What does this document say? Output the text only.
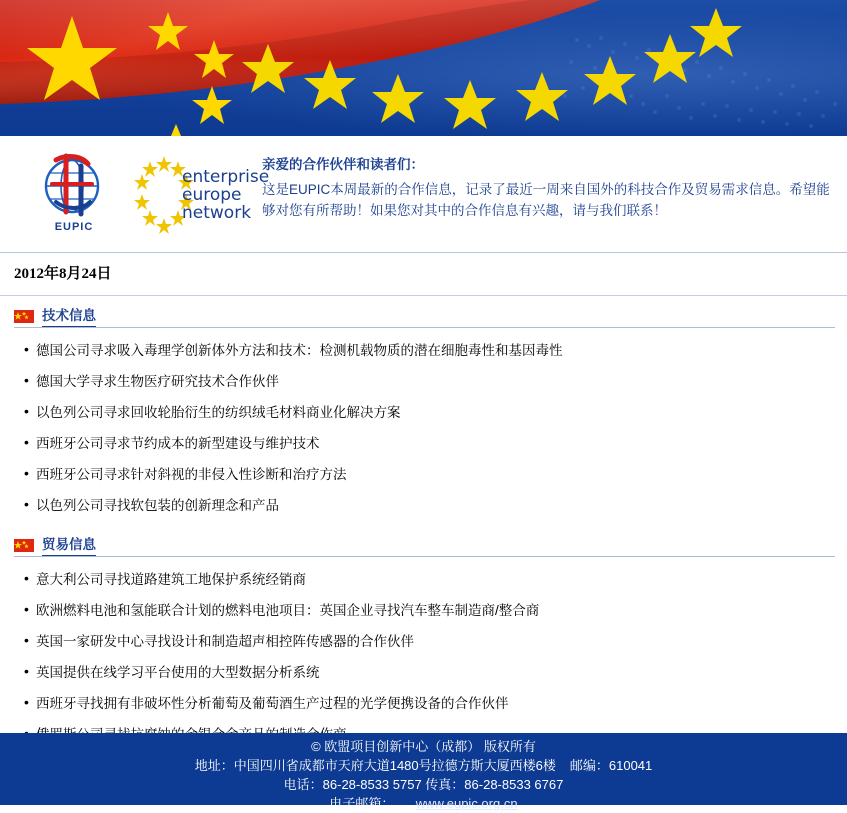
EUPIC
enterprise
europe
network
亲爱的合作伙伴和读者们：
这是EUPIC本周最新的合作信息，记录了最近一周来自国外的科技合作及贸易需求信息。希望能够对您有所帮助！如果您对其中的合作信息有兴趣，请与我们联系！
2012年8月24日
技术信息
• 德国公司寻求吸入毒理学创新体外方法和技术：检测机载物质的潜在细胞毒性和基因毒性
• 德国大学寻求生物医疗研究技术合作伙伴
• 以色列公司寻求回收轮胎衍生的纺织绒毛材料商业化解决方案
• 西班牙公司寻求节约成本的新型建设与维护技术
• 西班牙公司寻求针对斜视的非侵入性诊断和治疗方法
• 以色列公司寻找软包装的创新理念和产品
贸易信息
• 意大利公司寻找道路建筑工地保护系统经销商
• 欧洲燃料电池和氢能联合计划的燃料电池项目：英国企业寻找汽车整车制造商/整合商
• 英国一家研发中心寻找设计和制造超声相控阵传感器的合作伙伴
• 英国提供在线学习平台使用的大型数据分析系统
• 西班牙寻找拥有非破坏性分析葡萄及葡萄酒生产过程的光学便携设备的合作伙伴
•
© 欧盟项目创新中心（成都） 版权所有
地址：中国四川省成都市天府大道1480号拉德方斯大厦西楼6楼 邮编：610041
电话：86-28-8533 5757 传真：86-28-8533 6767
电子邮箱： www.eupic.org.cn
